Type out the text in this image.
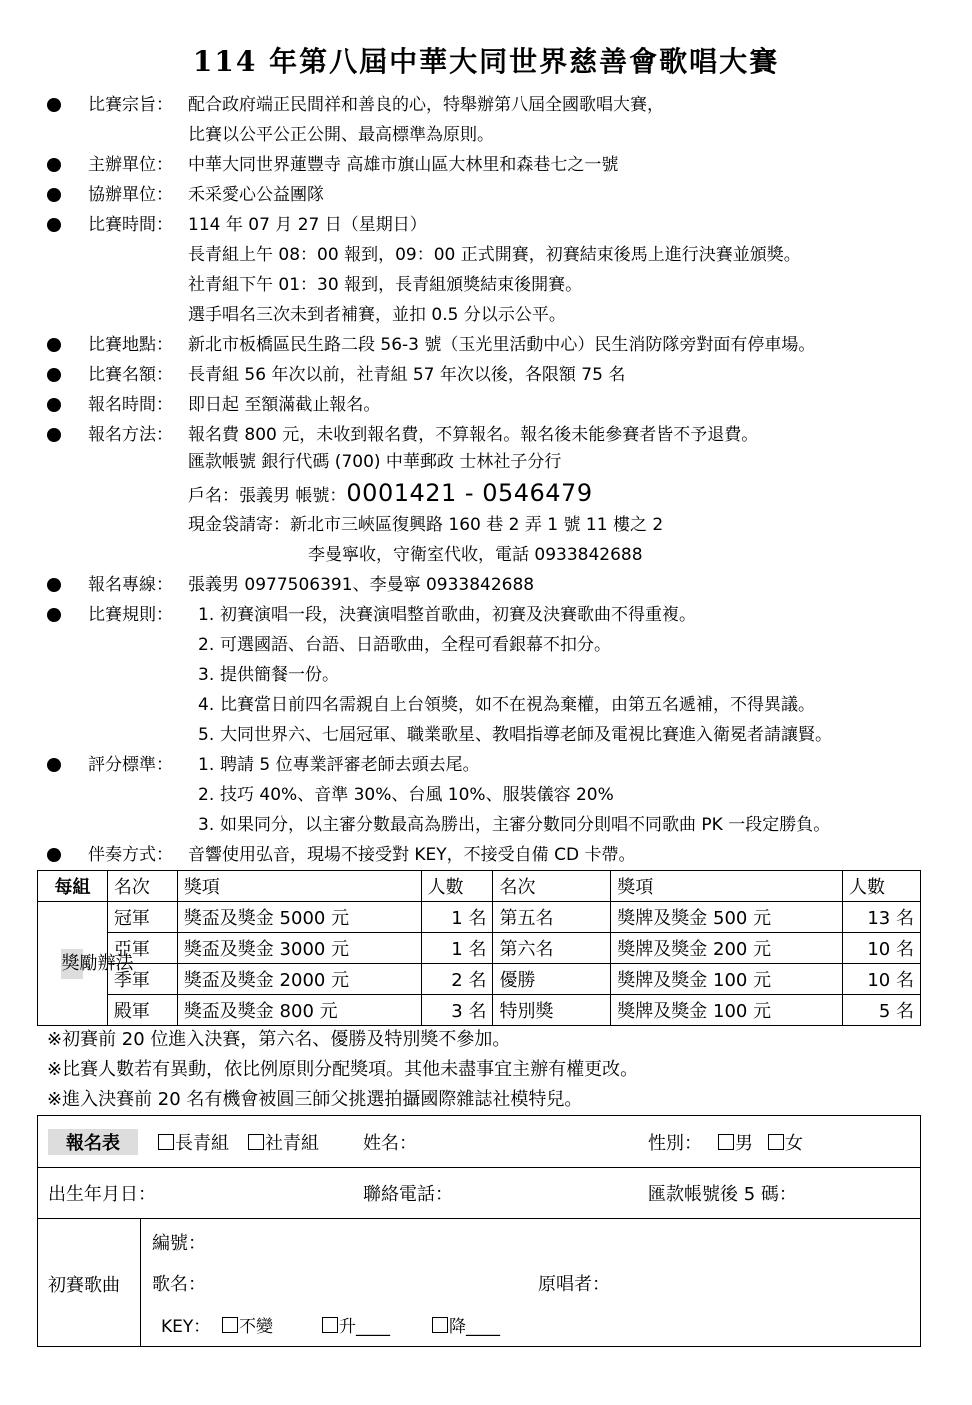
114 年第八屆中華大同世界慈善會歌唱大賽
比賽宗旨： 配合政府端正民間祥和善良的心，特舉辦第八屆全國歌唱大賽，
比賽以公平公正公開、最高標準為原則。
主辦單位： 中華大同世界蓮豐寺 高雄市旗山區大林里和森巷七之一號
協辦單位： 禾采愛心公益團隊
比賽時間： 114 年 07 月 27 日（星期日）
長青組上午 08：00 報到，09：00 正式開賽，初賽結束後馬上進行決賽並頒獎。
社青組下午 01：30 報到，長青組頒獎結束後開賽。
選手唱名三次未到者補賽，並扣 0.5 分以示公平。
比賽地點： 新北市板橋區民生路二段 56-3 號（玉光里活動中心）民生消防隊旁對面有停車場。
比賽名額： 長青組 56 年次以前，社青組 57 年次以後，各限額 75 名
報名時間： 即日起 至額滿截止報名。
報名方法： 報名費 800 元，未收到報名費，不算報名。報名後未能參賽者皆不予退費。
匯款帳號 銀行代碼 (700) 中華郵政 士林社子分行
戶名：張義男 帳號：0001421 - 0546479
現金袋請寄：新北市三峽區復興路 160 巷 2 弄 1 號 11 樓之 2
李曼寧收，守衛室代收，電話 0933842688
報名專線： 張義男 0977506391、李曼寧 0933842688
比賽規則： 1. 初賽演唱一段，決賽演唱整首歌曲，初賽及決賽歌曲不得重複。
2. 可選國語、台語、日語歌曲，全程可看銀幕不扣分。
3. 提供簡餐一份。
4. 比賽當日前四名需親自上台領獎，如不在視為棄權，由第五名遞補，不得異議。
5. 大同世界六、七屆冠軍、職業歌星、教唱指導老師及電視比賽進入衛冕者請讓賢。
評分標準： 1. 聘請 5 位專業評審老師去頭去尾。
2. 技巧 40%、音準 30%、台風 10%、服裝儀容 20%
3. 如果同分，以主審分數最高為勝出，主審分數同分則唱不同歌曲 PK 一段定勝負。
伴奏方式： 音響使用弘音，現場不接受對 KEY，不接受自備 CD 卡帶。
每組	名次	獎項	人數	名次	獎項	人數

獎勵辦法	冠軍	獎盃及獎金 5000 元	1 名	第五名	獎牌及獎金 500 元	13 名
	亞軍	獎盃及獎金 3000 元	1 名	第六名	獎牌及獎金 200 元	10 名
	季軍	獎盃及獎金 2000 元	2 名	優勝	獎牌及獎金 100 元	10 名
	殿軍	獎盃及獎金 800 元	3 名	特別獎	獎牌及獎金 100 元	5 名
※初賽前 20 位進入決賽，第六名、優勝及特別獎不參加。
※比賽人數若有異動，依比例原則分配獎項。其他未盡事宜主辦有權更改。
※進入決賽前 20 名有機會被圓三師父挑選拍攝國際雜誌社模特兒。
報名表	長青組	社青組 姓名：	性別：	男	女
出生年月日：	聯絡電話：	匯款帳號後 5 碼：
初賽歌曲
編號：
歌名：	原唱者：
KEY：	不變	升____	降____
